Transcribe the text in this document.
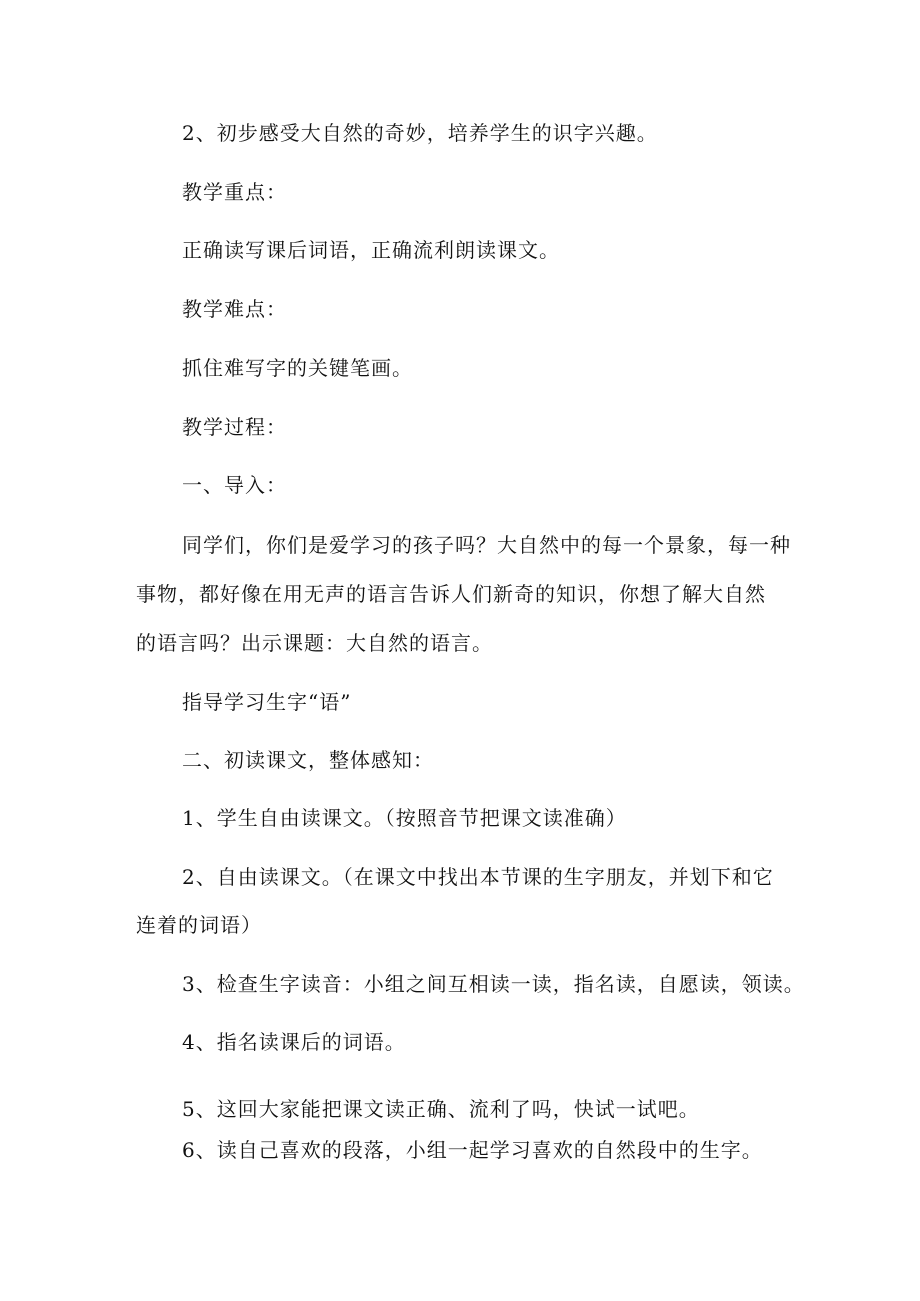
2、初步感受大自然的奇妙，培养学生的识字兴趣。
教学重点：
正确读写课后词语，正确流利朗读课文。
教学难点：
抓住难写字的关键笔画。
教学过程：
一、导入：
同学们，你们是爱学习的孩子吗？大自然中的每一个景象，每一种
事物，都好像在用无声的语言告诉人们新奇的知识，你想了解大自然
的语言吗？出示课题：大自然的语言。
指导学习生字“语”
二、初读课文，整体感知：
1、学生自由读课文。（按照音节把课文读准确）
2、自由读课文。（在课文中找出本节课的生字朋友，并划下和它
连着的词语）
3、检查生字读音：小组之间互相读一读，指名读，自愿读，领读。
4、指名读课后的词语。
5、这回大家能把课文读正确、流利了吗，快试一试吧。
6、读自己喜欢的段落，小组一起学习喜欢的自然段中的生字。
